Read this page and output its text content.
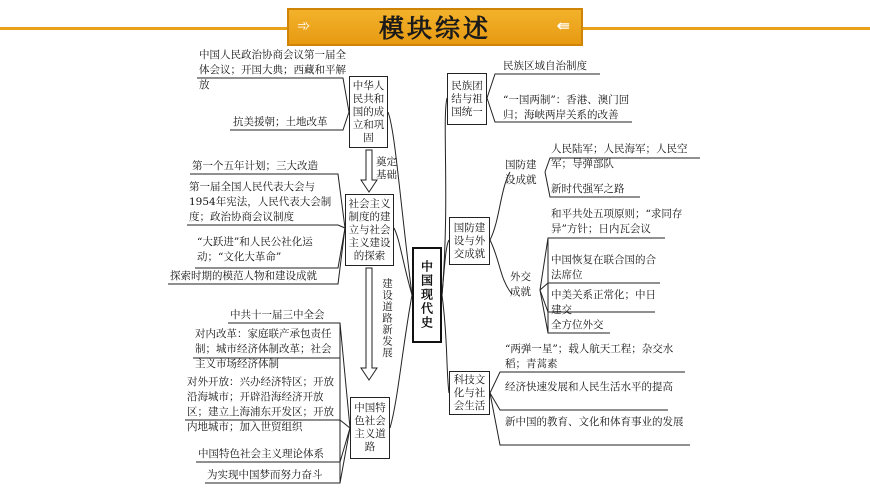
➾	模块综述	⇚
中华人民共和国的成立和巩固
社会主义制度的建立与社会主义建设的探索
中国特色社会主义道路
奠定基础
建设道路新发展
中国人民政治协商会议第一届全体会议；开国大典；西藏和平解放
抗美援朝；土地改革
第一个五年计划；三大改造
第一届全国人民代表大会与1954年宪法，人民代表大会制度；政治协商会议制度
“大跃进”和人民公社化运动；“文化大革命”
探索时期的模范人物和建设成就
中共十一届三中全会
对内改革：家庭联产承包责任制；城市经济体制改革；社会主义市场经济体制
对外开放：兴办经济特区；开放沿海城市；开辟沿海经济开放区；建立上海浦东开发区；开放内地城市；加入世贸组织
中国特色社会主义理论体系
为实现中国梦而努力奋斗
中国现代史
民族团结与祖国统一
国防建设与外交成就
科技文化与社会生活
民族区域自治制度
“一国两制”：香港、澳门回归；海峡两岸关系的改善
国防建设成就
人民陆军；人民海军；人民空军；导弹部队
新时代强军之路
外交成就
和平共处五项原则；“求同存异”方针；日内瓦会议
中国恢复在联合国的合法席位
中美关系正常化；中日建交
全方位外交
“两弹一星”；载人航天工程；杂交水稻；青蒿素
经济快速发展和人民生活水平的提高
新中国的教育、文化和体育事业的发展
